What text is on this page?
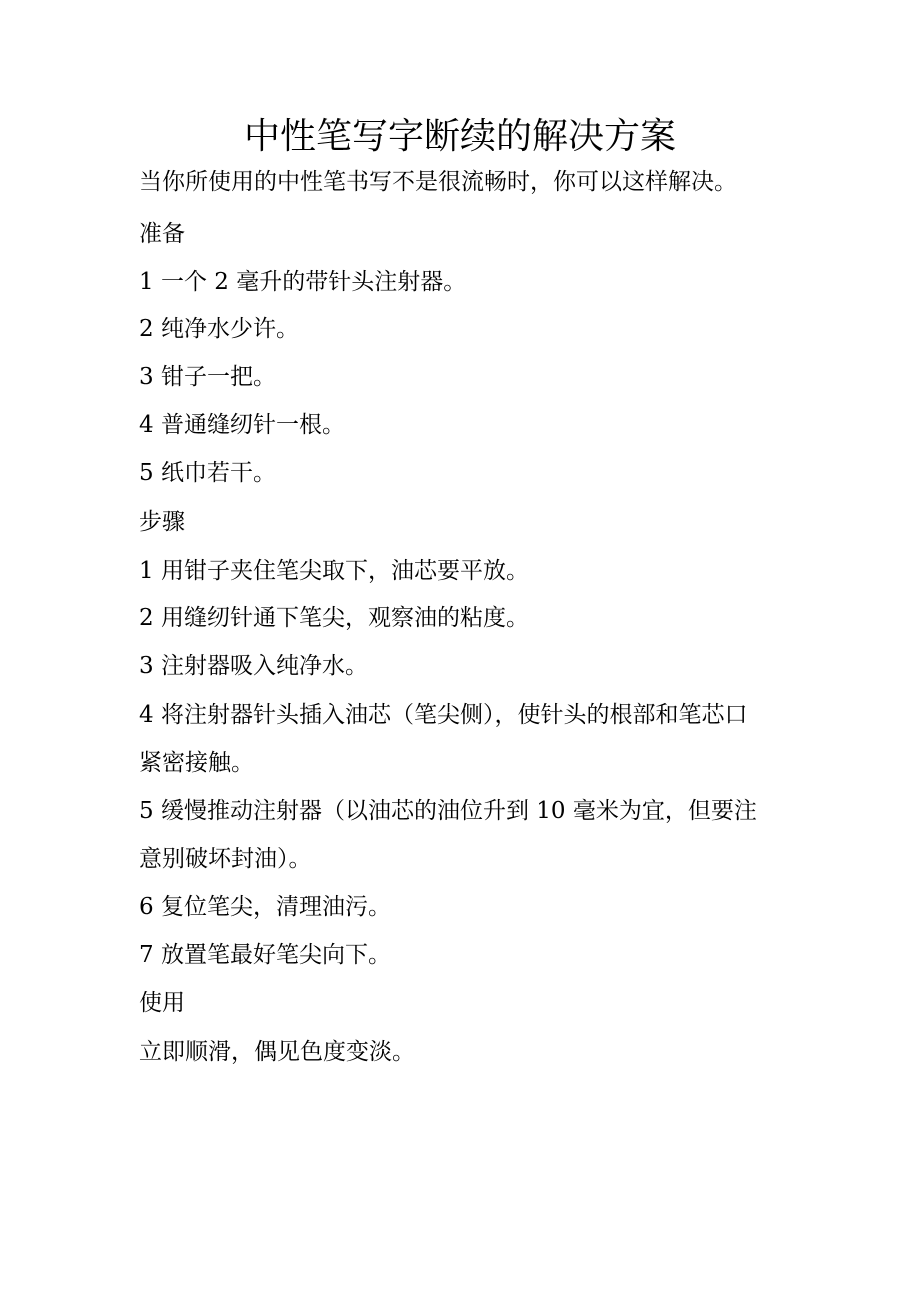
中性笔写字断续的解决方案
当你所使用的中性笔书写不是很流畅时，你可以这样解决。
准备
1 一个 2 毫升的带针头注射器。
2 纯净水少许。
3 钳子一把。
4 普通缝纫针一根。
5 纸巾若干。
步骤
1 用钳子夹住笔尖取下，油芯要平放。
2 用缝纫针通下笔尖，观察油的粘度。
3 注射器吸入纯净水。
4 将注射器针头插入油芯（笔尖侧），使针头的根部和笔芯口
紧密接触。
5 缓慢推动注射器（以油芯的油位升到 10 毫米为宜，但要注
意别破坏封油）。
6 复位笔尖，清理油污。
7 放置笔最好笔尖向下。
使用
立即顺滑，偶见色度变淡。
